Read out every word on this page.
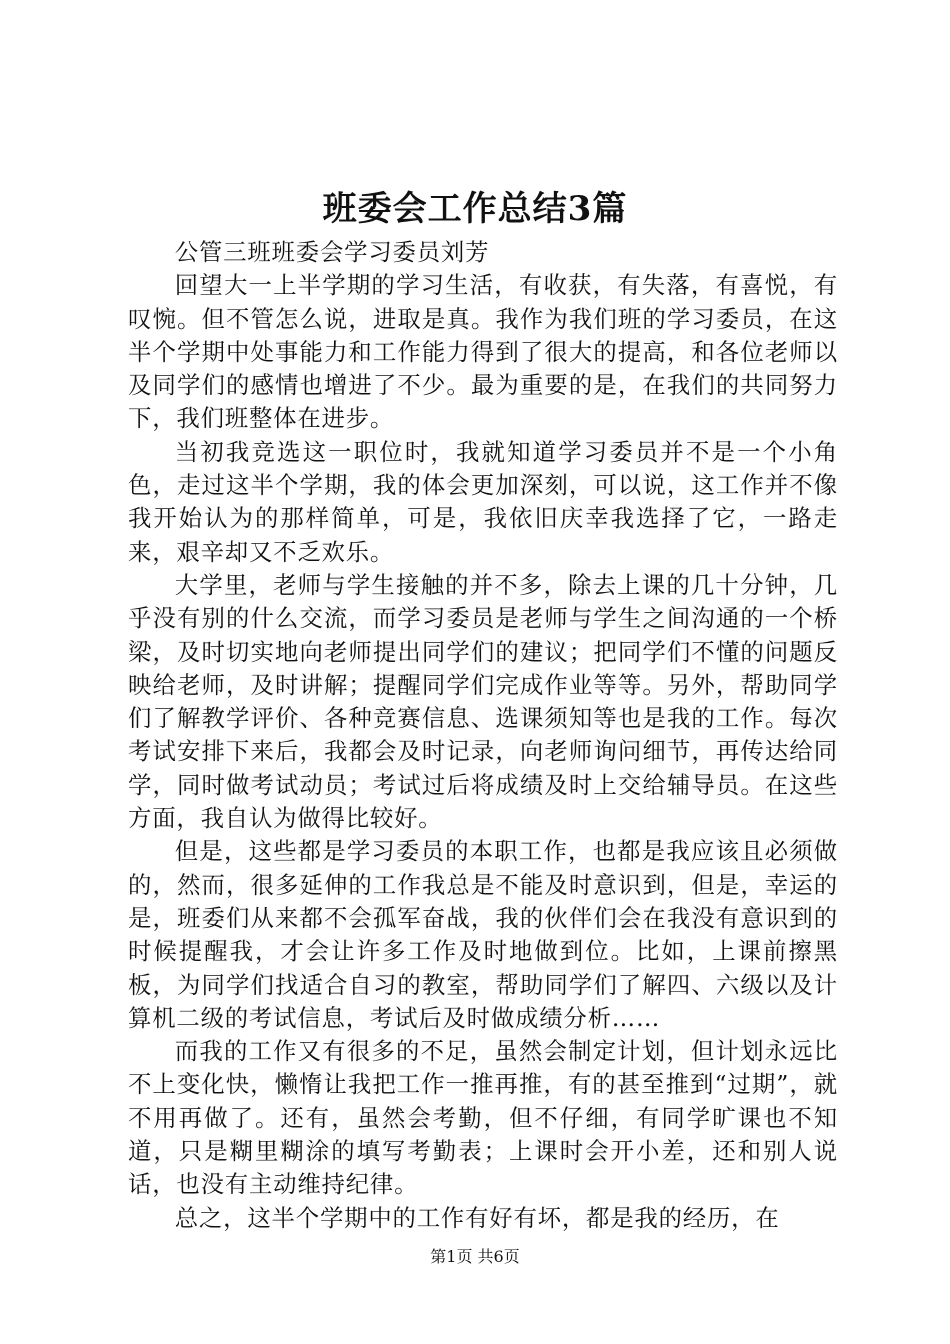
班委会工作总结3篇

公管三班班委会学习委员刘芳

回望大一上半学期的学习生活，有收获，有失落，有喜悦，有叹惋。但不管怎么说，进取是真。我作为我们班的学习委员，在这半个学期中处事能力和工作能力得到了很大的提高，和各位老师以及同学们的感情也增进了不少。最为重要的是，在我们的共同努力下，我们班整体在进步。

当初我竞选这一职位时，我就知道学习委员并不是一个小角色，走过这半个学期，我的体会更加深刻，可以说，这工作并不像我开始认为的那样简单，可是，我依旧庆幸我选择了它，一路走来，艰辛却又不乏欢乐。

大学里，老师与学生接触的并不多，除去上课的几十分钟，几乎没有别的什么交流，而学习委员是老师与学生之间沟通的一个桥梁，及时切实地向老师提出同学们的建议；把同学们不懂的问题反映给老师，及时讲解；提醒同学们完成作业等等。另外，帮助同学们了解教学评价、各种竞赛信息、选课须知等也是我的工作。每次考试安排下来后，我都会及时记录，向老师询问细节，再传达给同学，同时做考试动员；考试过后将成绩及时上交给辅导员。在这些方面，我自认为做得比较好。

但是，这些都是学习委员的本职工作，也都是我应该且必须做的，然而，很多延伸的工作我总是不能及时意识到，但是，幸运的是，班委们从来都不会孤军奋战，我的伙伴们会在我没有意识到的时候提醒我，才会让许多工作及时地做到位。比如，上课前擦黑板，为同学们找适合自习的教室，帮助同学们了解四、六级以及计算机二级的考试信息，考试后及时做成绩分析……

而我的工作又有很多的不足，虽然会制定计划，但计划永远比不上变化快，懒惰让我把工作一推再推，有的甚至推到“过期”，就不用再做了。还有，虽然会考勤，但不仔细，有同学旷课也不知道，只是糊里糊涂的填写考勤表；上课时会开小差，还和别人说话，也没有主动维持纪律。

总之，这半个学期中的工作有好有坏，都是我的经历，在

第1页 共6页
